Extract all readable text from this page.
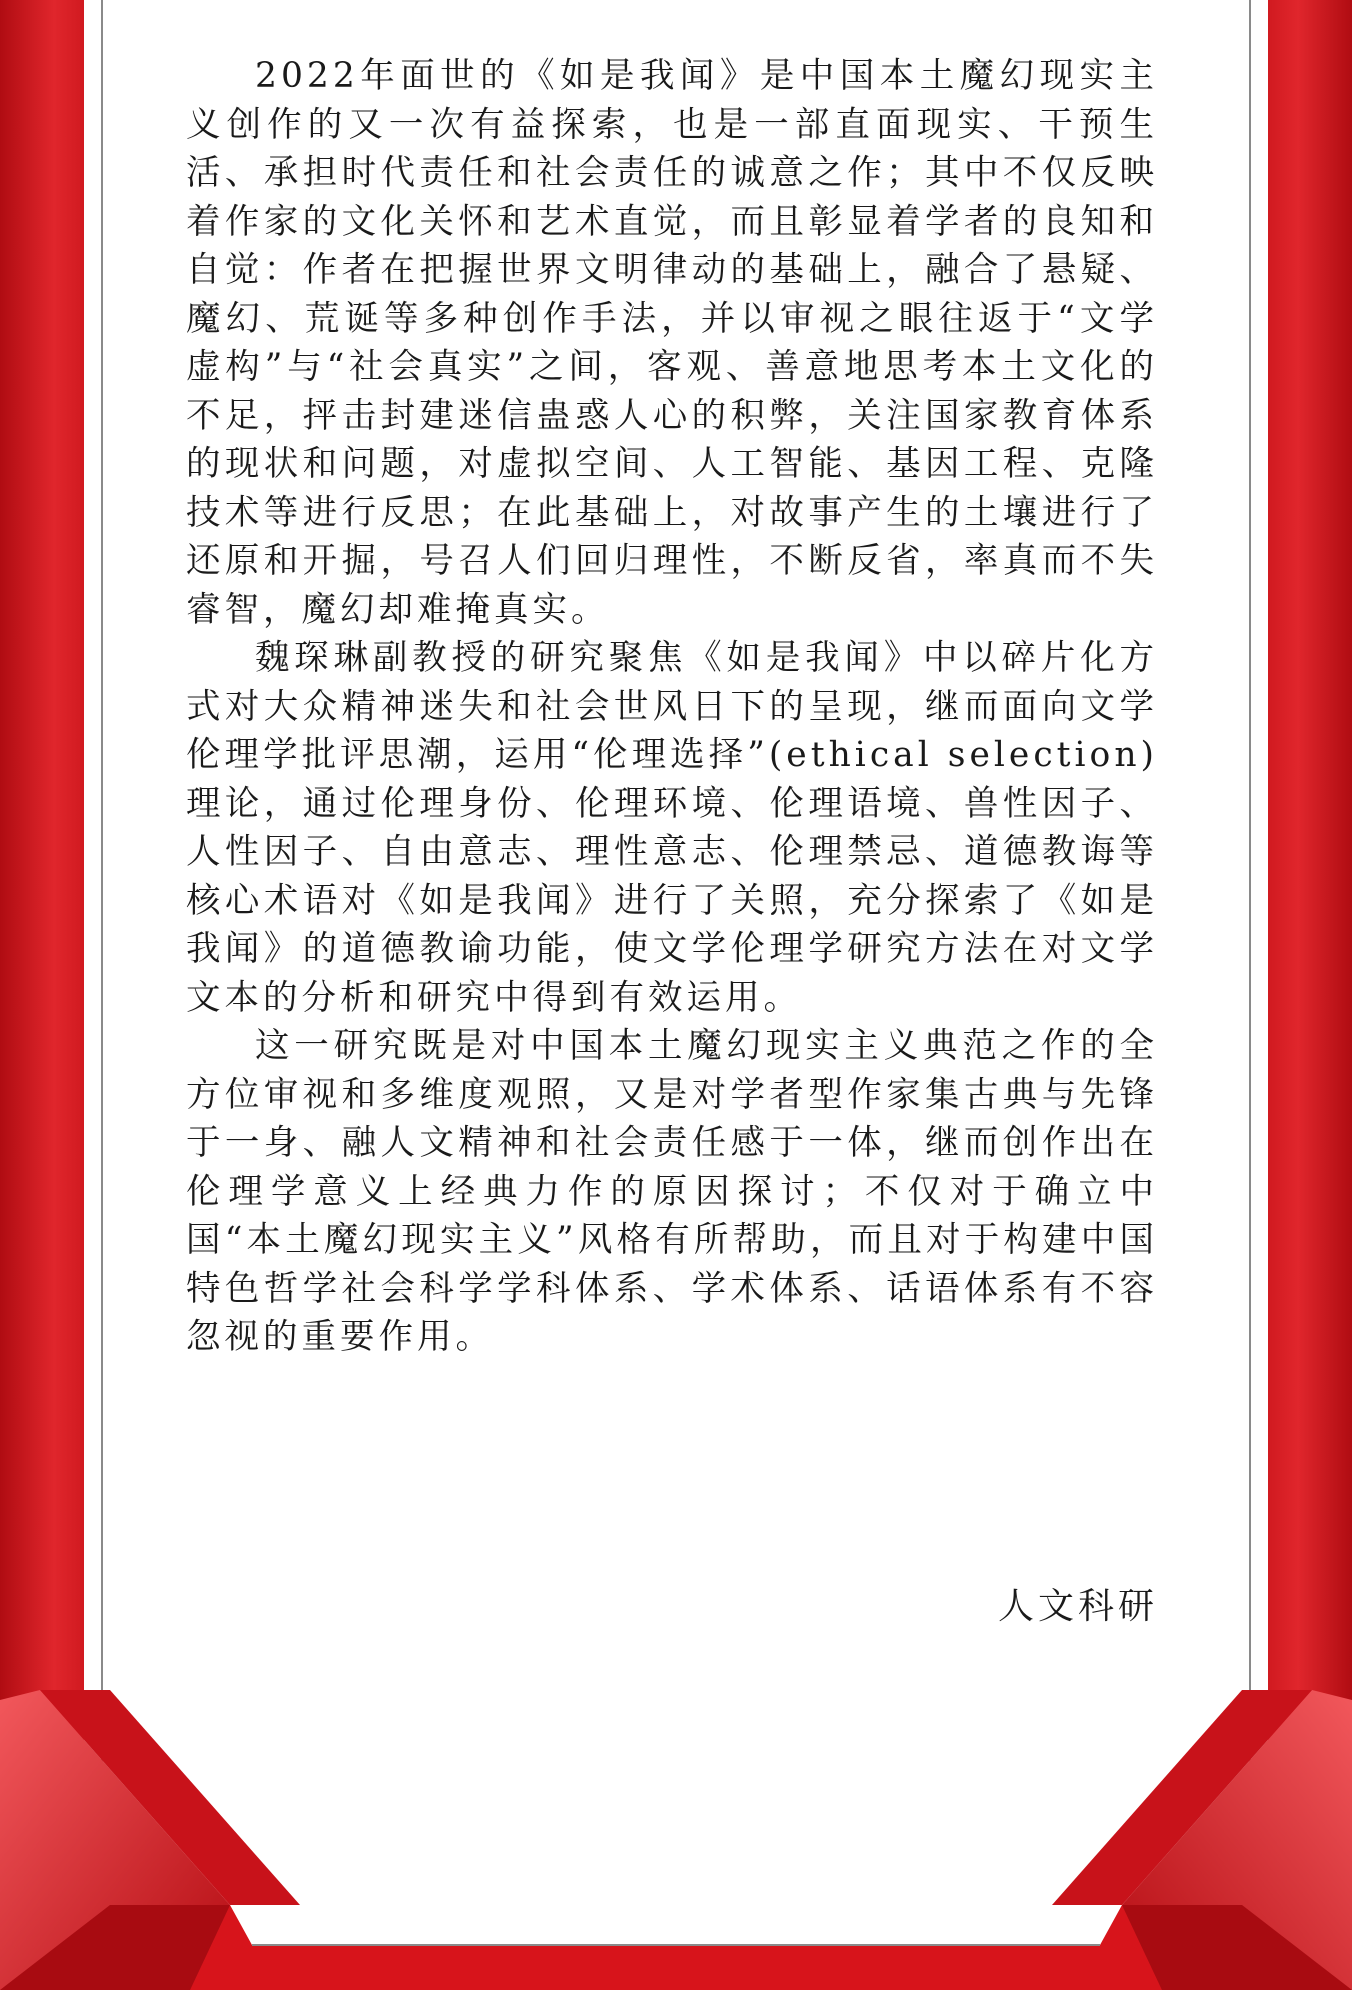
2022年面世的《如是我闻》是中国本土魔幻现实主义创作的又一次有益探索，也是一部直面现实、干预生活、承担时代责任和社会责任的诚意之作；其中不仅反映着作家的文化关怀和艺术直觉，而且彰显着学者的良知和自觉：作者在把握世界文明律动的基础上，融合了悬疑、魔幻、荒诞等多种创作手法，并以审视之眼往返于“文学虚构”与“社会真实”之间，客观、善意地思考本土文化的不足，抨击封建迷信蛊惑人心的积弊，关注国家教育体系的现状和问题，对虚拟空间、人工智能、基因工程、克隆技术等进行反思；在此基础上，对故事产生的土壤进行了还原和开掘，号召人们回归理性，不断反省，率真而不失睿智，魔幻却难掩真实。

魏琛琳副教授的研究聚焦《如是我闻》中以碎片化方式对大众精神迷失和社会世风日下的呈现，继而面向文学伦理学批评思潮，运用“伦理选择”(ethical selection)理论，通过伦理身份、伦理环境、伦理语境、兽性因子、人性因子、自由意志、理性意志、伦理禁忌、道德教诲等核心术语对《如是我闻》进行了关照，充分探索了《如是我闻》的道德教谕功能，使文学伦理学研究方法在对文学文本的分析和研究中得到有效运用。

这一研究既是对中国本土魔幻现实主义典范之作的全方位审视和多维度观照，又是对学者型作家集古典与先锋于一身、融人文精神和社会责任感于一体，继而创作出在伦理学意义上经典力作的原因探讨；不仅对于确立中国“本土魔幻现实主义”风格有所帮助，而且对于构建中国特色哲学社会科学学科体系、学术体系、话语体系有不容忽视的重要作用。

人文科研
